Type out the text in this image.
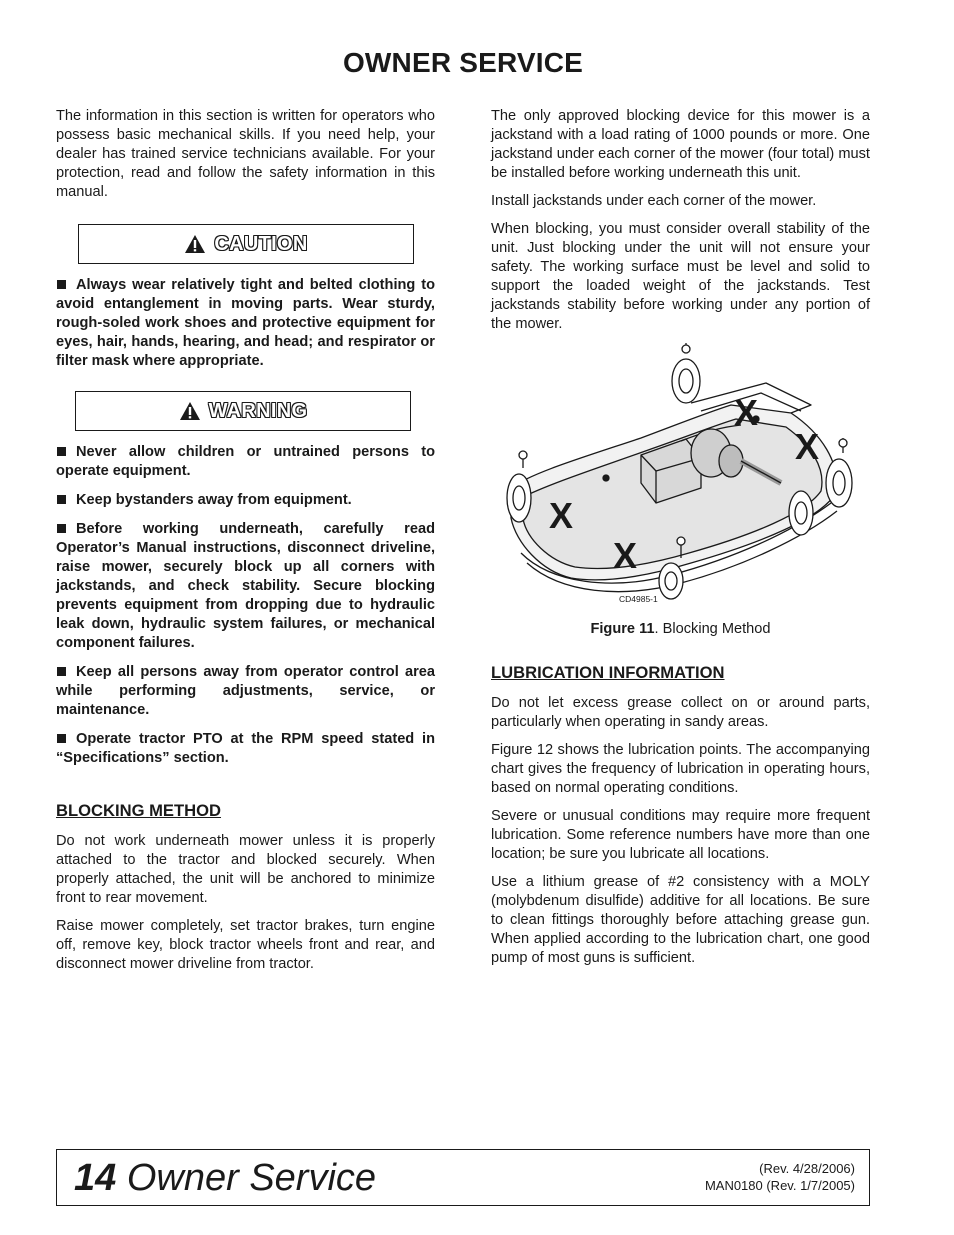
OWNER SERVICE

The information in this section is written for operators who possess basic mechanical skills. If you need help, your dealer has trained service technicians available. For your protection, read and follow the safety information in this manual.

CAUTION
Always wear relatively tight and belted clothing to avoid entanglement in moving parts. Wear sturdy, rough-soled work shoes and protective equipment for eyes, hair, hands, hearing, and head; and respirator or filter mask where appropriate.
WARNING
Never allow children or untrained persons to operate equipment.
Keep bystanders away from equipment.
Before working underneath, carefully read Operator’s Manual instructions, disconnect driveline, raise mower, securely block up all corners with jackstands, and check stability. Secure blocking prevents equipment from dropping due to hydraulic leak down, hydraulic system failures, or mechanical component failures.
Keep all persons away from operator control area while performing adjustments, service, or maintenance.
Operate tractor PTO at the RPM speed stated in “Specifications” section.
BLOCKING METHOD

Do not work underneath mower unless it is properly attached to the tractor and blocked securely. When properly attached, the unit will be anchored to minimize front to rear movement.

Raise mower completely, set tractor brakes, turn engine off, remove key, block tractor wheels front and rear, and disconnect mower driveline from tractor.

The only approved blocking device for this mower is a jackstand with a load rating of 1000 pounds or more. One jackstand under each corner of the mower (four total) must be installed before working underneath this unit.

Install jackstands under each corner of the mower.

When blocking, you must consider overall stability of the unit. Just blocking under the unit will not ensure your safety. The working surface must be level and solid to support the loaded weight of the jackstands. Test jackstands stability before working under any portion of the mower.

X
X
X
X
CD4985-1
Figure 11. Blocking Method
LUBRICATION INFORMATION

Do not let excess grease collect on or around parts, particularly when operating in sandy areas.

Figure 12 shows the lubrication points. The accompanying chart gives the frequency of lubrication in operating hours, based on normal operating conditions.

Severe or unusual conditions may require more frequent lubrication. Some reference numbers have more than one location; be sure you lubricate all locations.

Use a lithium grease of #2 consistency with a MOLY (molybdenum disulfide) additive for all locations. Be sure to clean fittings thoroughly before attaching grease gun. When applied according to the lubrication chart, one good pump of most guns is sufficient.

14 Owner Service	(Rev. 4/28/2006)
MAN0180 (Rev. 1/7/2005)
